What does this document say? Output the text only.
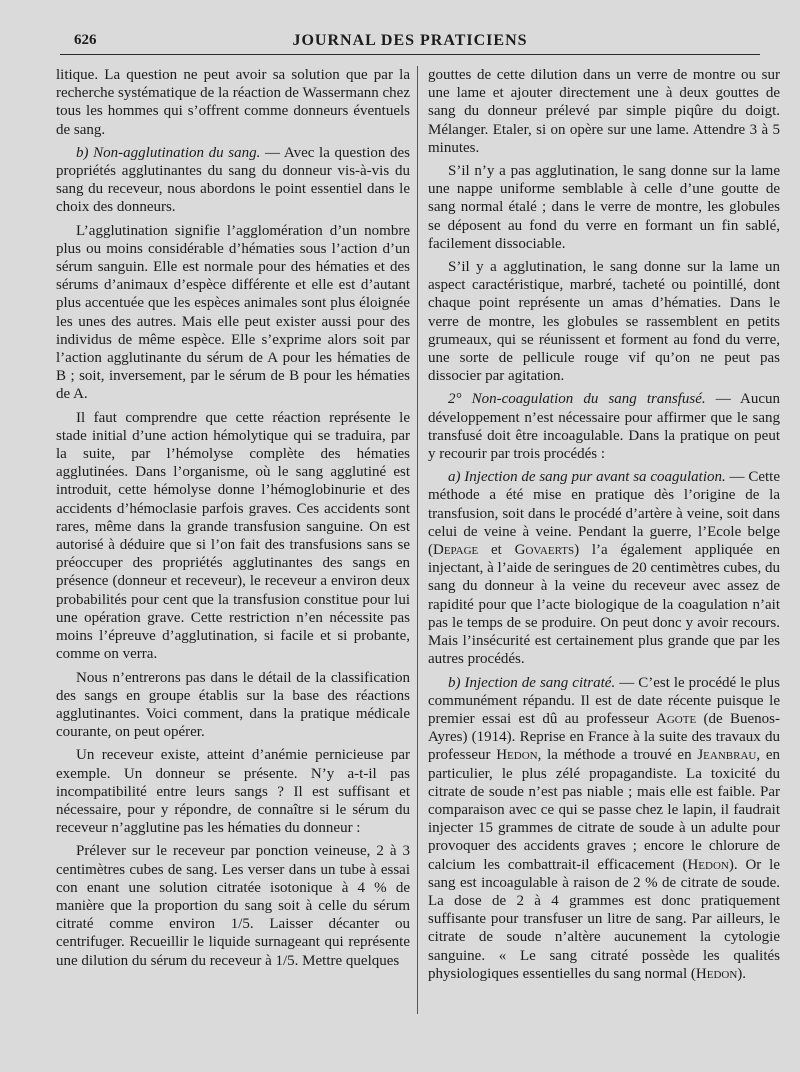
626	JOURNAL DES PRATICIENS

litique. La question ne peut avoir sa solution que par la recherche systématique de la réaction de Wassermann chez tous les hommes qui s’offrent comme donneurs éventuels de sang.

b) Non-agglutination du sang. — Avec la question des propriétés agglutinantes du sang du donneur vis-à-vis du sang du receveur, nous abordons le point essentiel dans le choix des donneurs.

L’agglutination signifie l’agglomération d’un nombre plus ou moins considérable d’hématies sous l’action d’un sérum sanguin. Elle est normale pour des hématies et des sérums d’animaux d’espèce différente et elle est d’autant plus accentuée que les espèces animales sont plus éloignée les unes des autres. Mais elle peut exister aussi pour des individus de même espèce. Elle s’exprime alors soit par l’action agglutinante du sérum de A pour les hématies de B ; soit, inversement, par le sérum de B pour les hématies de A.

Il faut comprendre que cette réaction représente le stade initial d’une action hémolytique qui se traduira, par la suite, par l’hémolyse complète des hématies agglutinées. Dans l’organisme, où le sang agglutiné est introduit, cette hémolyse donne l’hémoglobinurie et des accidents d’hémoclasie parfois graves. Ces accidents sont rares, même dans la grande transfusion sanguine. On est autorisé à déduire que si l’on fait des transfusions sans se préoccuper des propriétés agglutinantes des sangs en présence (donneur et receveur), le receveur a environ deux probabilités pour cent que la transfusion constitue pour lui une opération grave. Cette restriction n’en nécessite pas moins l’épreuve d’agglutination, si facile et si probante, comme on verra.

Nous n’entrerons pas dans le détail de la classification des sangs en groupe établis sur la base des réactions agglutinantes. Voici comment, dans la pratique médicale courante, on peut opérer.

Un receveur existe, atteint d’anémie pernicieuse par exemple. Un donneur se présente. N’y a-t-il pas incompatibilité entre leurs sangs ? Il est suffisant et nécessaire, pour y répondre, de connaître si le sérum du receveur n’agglutine pas les hématies du donneur :

Prélever sur le receveur par ponction veineuse, 2 à 3 centimètres cubes de sang. Les verser dans un tube à essai con enant une solution citratée isotonique à 4 % de manière que la proportion du sang soit à celle du sérum citraté comme environ 1/5. Laisser décanter ou centrifuger. Recueillir le liquide surnageant qui représente une dilution du sérum du receveur à 1/5. Mettre quelques

gouttes de cette dilution dans un verre de montre ou sur une lame et ajouter directement une à deux gouttes de sang du donneur prélevé par simple piqûre du doigt. Mélanger. Etaler, si on opère sur une lame. Attendre 3 à 5 minutes.

S’il n’y a pas agglutination, le sang donne sur la lame une nappe uniforme semblable à celle d’une goutte de sang normal étalé ; dans le verre de montre, les globules se déposent au fond du verre en formant un fin sablé, facilement dissociable.

S’il y a agglutination, le sang donne sur la lame un aspect caractéristique, marbré, tacheté ou pointillé, dont chaque point représente un amas d’hématies. Dans le verre de montre, les globules se rassemblent en petits grumeaux, qui se réunissent et forment au fond du verre, une sorte de pellicule rouge vif qu’on ne peut pas dissocier par agitation.

2° Non-coagulation du sang transfusé. — Aucun développement n’est nécessaire pour affirmer que le sang transfusé doit être incoagulable. Dans la pratique on peut y recourir par trois procédés :

a) Injection de sang pur avant sa coagulation. — Cette méthode a été mise en pratique dès l’origine de la transfusion, soit dans le procédé d’artère à veine, soit dans celui de veine à veine. Pendant la guerre, l’Ecole belge (Depage et Govaerts) l’a également appliquée en injectant, à l’aide de seringues de 20 centimètres cubes, du sang du donneur à la veine du receveur avec assez de rapidité pour que l’acte biologique de la coagulation n’ait pas le temps de se produire. On peut donc y avoir recours. Mais l’insécurité est certainement plus grande que par les autres procédés.

b) Injection de sang citraté. — C’est le procédé le plus communément répandu. Il est de date récente puisque le premier essai est dû au professeur Agote (de Buenos-Ayres) (1914). Reprise en France à la suite des travaux du professeur Hedon, la méthode a trouvé en Jeanbrau, en particulier, le plus zélé propagandiste. La toxicité du citrate de soude n’est pas niable ; mais elle est faible. Par comparaison avec ce qui se passe chez le lapin, il faudrait injecter 15 grammes de citrate de soude à un adulte pour provoquer des accidents graves ; encore le chlorure de calcium les combattrait-il efficacement (Hedon). Or le sang est incoagulable à raison de 2 % de citrate de soude. La dose de 2 à 4 grammes est donc pratiquement suffisante pour transfuser un litre de sang. Par ailleurs, le citrate de soude n’altère aucunement la cytologie sanguine. « Le sang citraté possède les qualités physiologiques essentielles du sang normal (Hedon).
